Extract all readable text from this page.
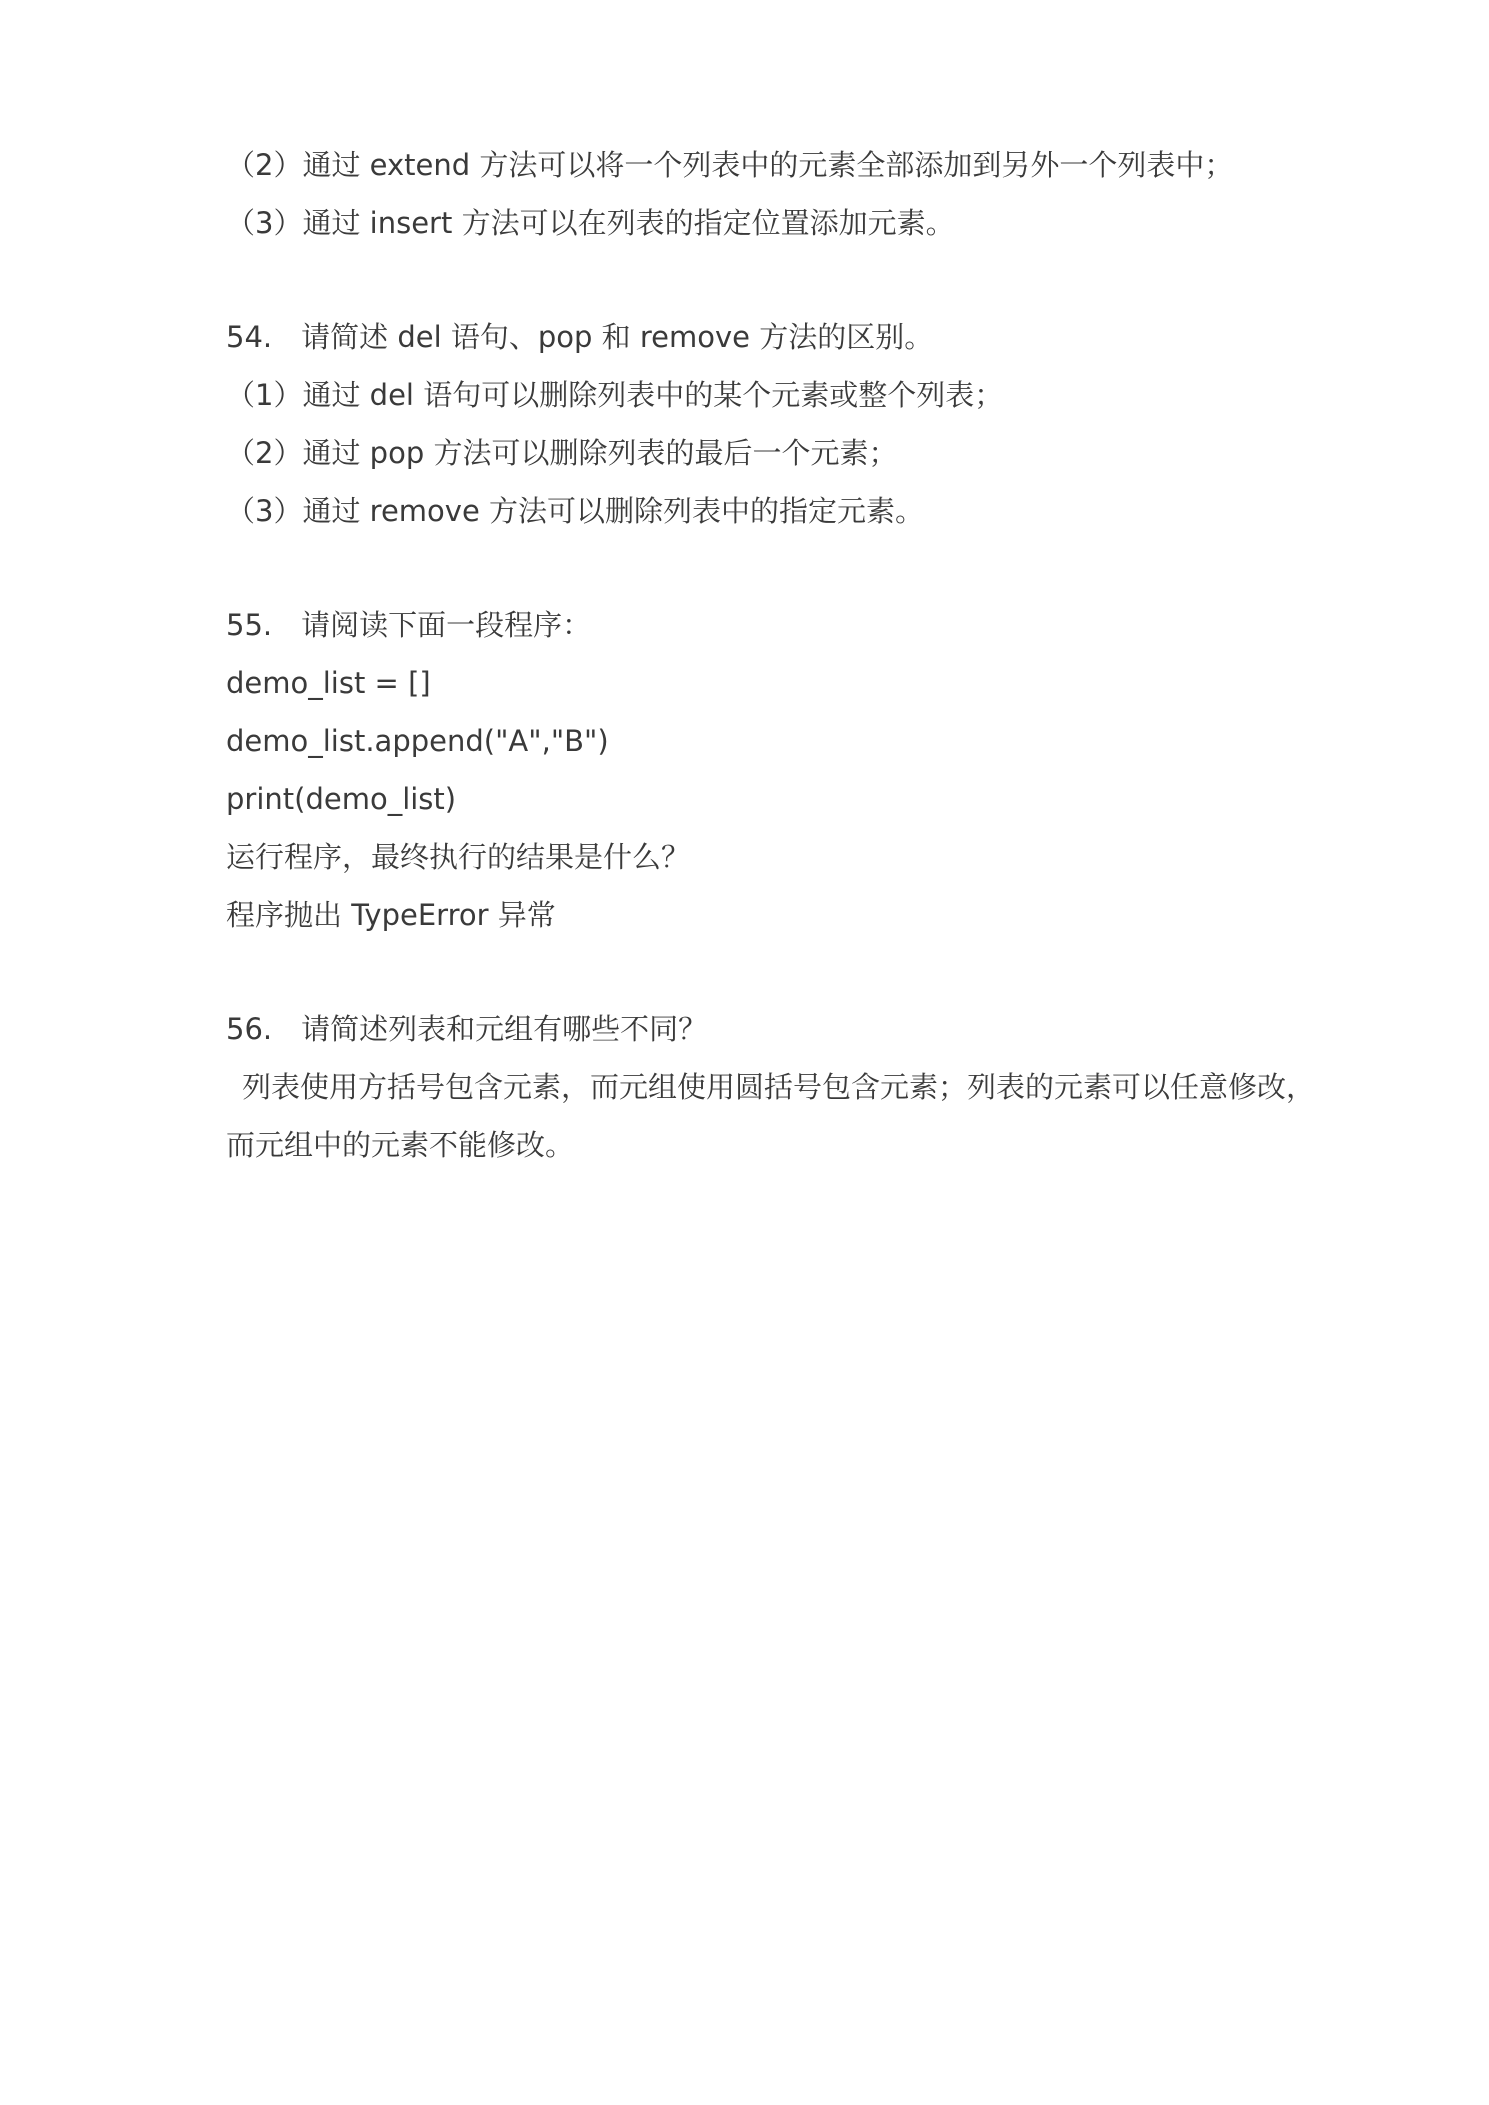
（2）通过 extend 方法可以将一个列表中的元素全部添加到另外一个列表中；
（3）通过 insert 方法可以在列表的指定位置添加元素。
54.　请简述 del 语句、pop 和 remove 方法的区别。
（1）通过 del 语句可以删除列表中的某个元素或整个列表；
（2）通过 pop 方法可以删除列表的最后一个元素；
（3）通过 remove 方法可以删除列表中的指定元素。
55.　请阅读下面一段程序：
demo_list = []
demo_list.append("A","B")
print(demo_list)
运行程序，最终执行的结果是什么？
程序抛出 TypeError 异常
56.　请简述列表和元组有哪些不同？
列表使用方括号包含元素，而元组使用圆括号包含元素；列表的元素可以任意修改，
而元组中的元素不能修改。
